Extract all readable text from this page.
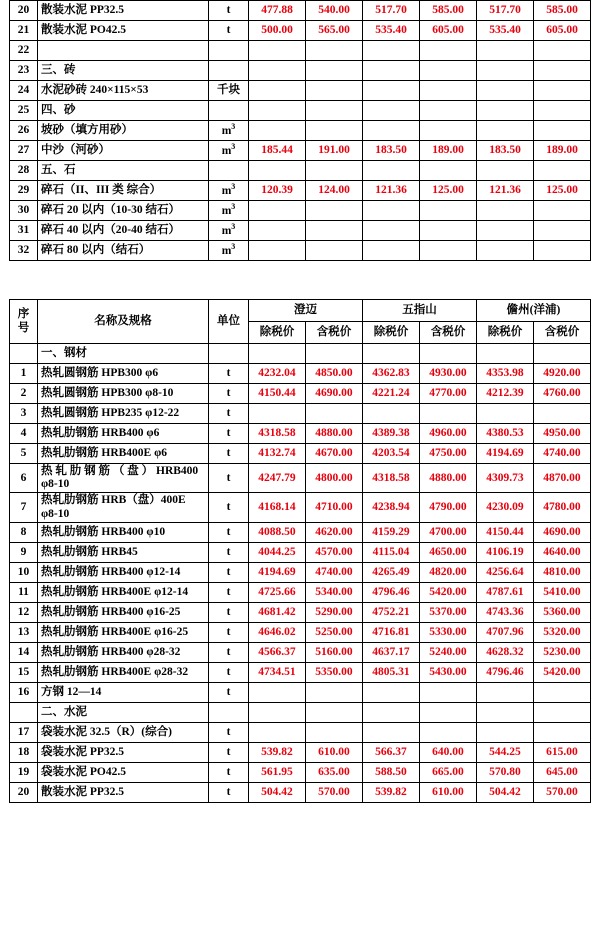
20	散装水泥 PP32.5	t	477.88	540.00	517.70	585.00	517.70	585.00
21	散装水泥 PO42.5	t	500.00	565.00	535.40	605.00	535.40	605.00
22								
23	三、砖							
24	水泥砂砖 240×115×53	千块						
25	四、砂							
26	坡砂（填方用砂）	$m^3$						
27	中沙（河砂）	$m^3$	185.44	191.00	183.50	189.00	183.50	189.00
28	五、石							
29	碎石（II、III 类 综合）	$m^3$	120.39	124.00	121.36	125.00	121.36	125.00
30	碎石 20 以内（10-30 结石）	$m^3$						
31	碎石 40 以内（20-40 结石）	$m^3$						
32	碎石 80 以内（结石）	$m^3$						
序号	名称及规格	单位	澄迈		五指山		儋州(洋浦)	
			除税价	含税价	除税价	含税价	除税价	含税价
	一、钢材							
1	热轧圆钢筋 HPB300 φ6	t	4232.04	4850.00	4362.83	4930.00	4353.98	4920.00
2	热轧圆钢筋 HPB300 φ8-10	t	4150.44	4690.00	4221.24	4770.00	4212.39	4760.00
3	热轧圆钢筋 HPB235 φ12-22	t						
4	热轧肋钢筋 HRB400 φ6	t	4318.58	4880.00	4389.38	4960.00	4380.53	4950.00
5	热轧肋钢筋 HRB400E φ6	t	4132.74	4670.00	4203.54	4750.00	4194.69	4740.00
6	热 轧 肋 钢 筋 （ 盘 ） HRB400 φ8-10	t	4247.79	4800.00	4318.58	4880.00	4309.73	4870.00
7	热轧肋钢筋 HRB（盘）400E φ8-10	t	4168.14	4710.00	4238.94	4790.00	4230.09	4780.00
8	热轧肋钢筋 HRB400 φ10	t	4088.50	4620.00	4159.29	4700.00	4150.44	4690.00
9	热轧肋钢筋 HRB45	t	4044.25	4570.00	4115.04	4650.00	4106.19	4640.00
10	热轧肋钢筋 HRB400 φ12-14	t	4194.69	4740.00	4265.49	4820.00	4256.64	4810.00
11	热轧肋钢筋 HRB400E φ12-14	t	4725.66	5340.00	4796.46	5420.00	4787.61	5410.00
12	热轧肋钢筋 HRB400 φ16-25	t	4681.42	5290.00	4752.21	5370.00	4743.36	5360.00
13	热轧肋钢筋 HRB400E φ16-25	t	4646.02	5250.00	4716.81	5330.00	4707.96	5320.00
14	热轧肋钢筋 HRB400 φ28-32	t	4566.37	5160.00	4637.17	5240.00	4628.32	5230.00
15	热轧肋钢筋 HRB400E φ28-32	t	4734.51	5350.00	4805.31	5430.00	4796.46	5420.00
16	方钢 12—14	t						
	二、水泥							
17	袋装水泥 32.5（R）(综合)	t						
18	袋装水泥 PP32.5	t	539.82	610.00	566.37	640.00	544.25	615.00
19	袋装水泥 PO42.5	t	561.95	635.00	588.50	665.00	570.80	645.00
20	散装水泥 PP32.5	t	504.42	570.00	539.82	610.00	504.42	570.00
